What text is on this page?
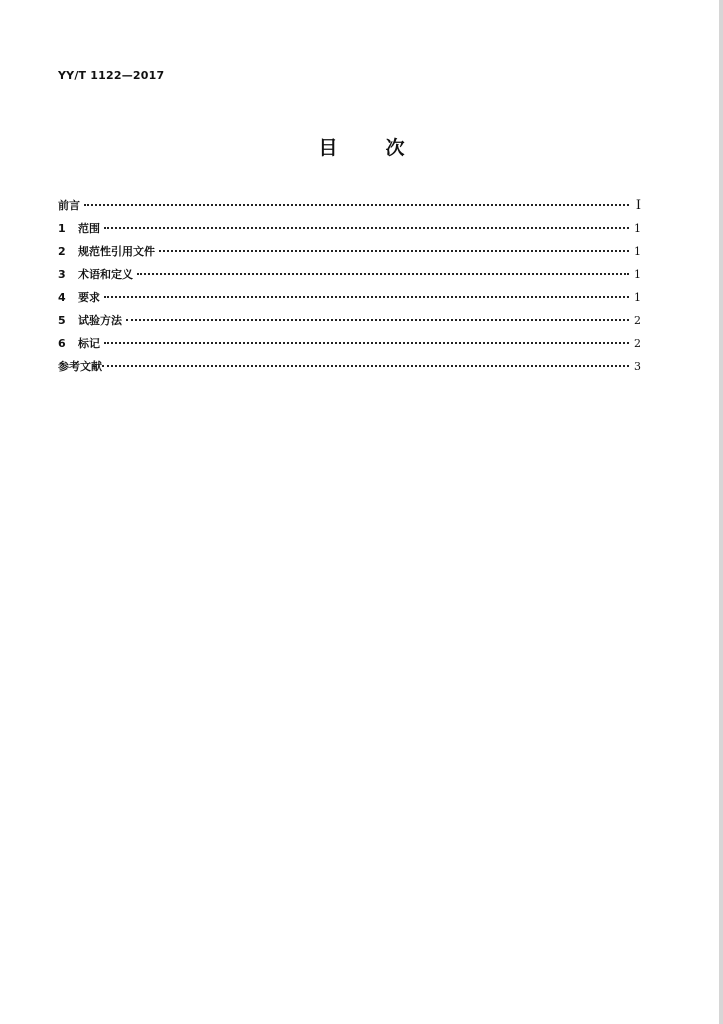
YY/T 1122—2017
目	次
前言	Ⅰ
1	范围	1
2	规范性引用文件	1
3	术语和定义	1
4	要求	1
5	试验方法	2
6	标记	2
参考文献	3
